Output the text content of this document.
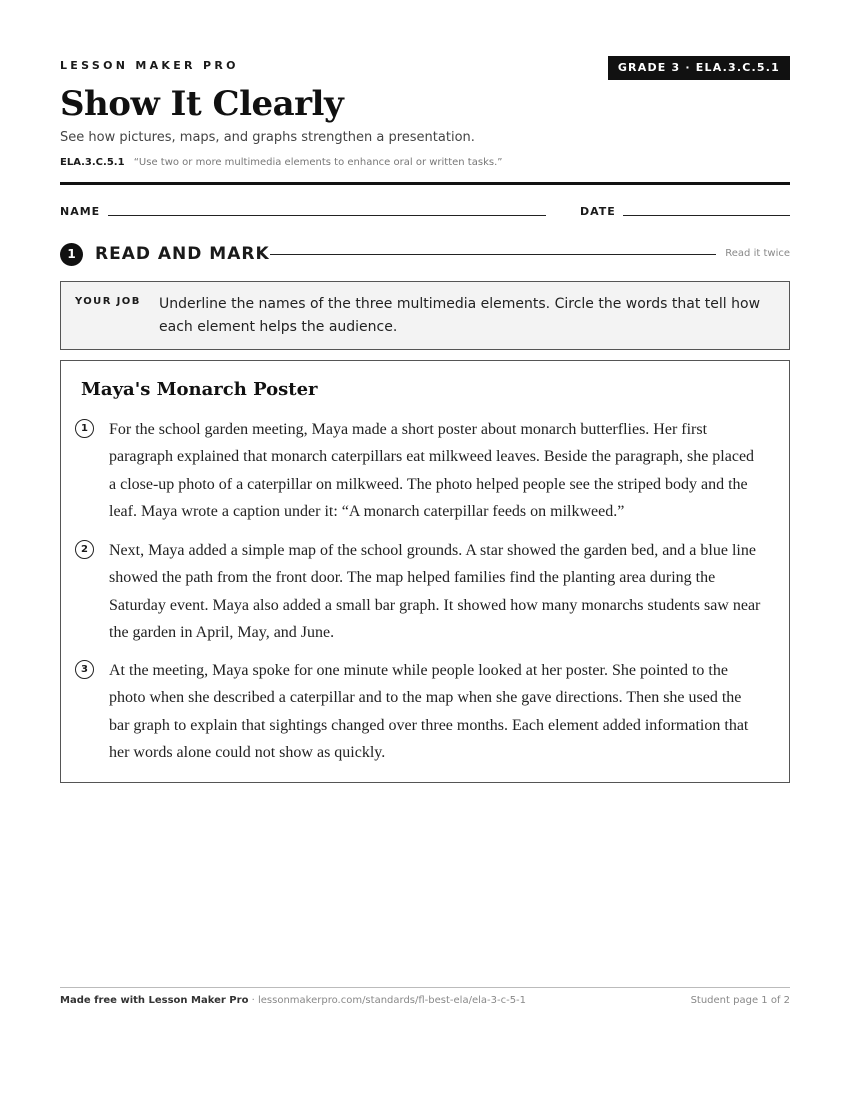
LESSON MAKER PRO	GRADE 3 · ELA.3.C.5.1
Show It Clearly
See how pictures, maps, and graphs strengthen a presentation.
ELA.3.C.5.1 “Use two or more multimedia elements to enhance oral or written tasks.”
NAME	DATE
1	READ AND MARK	Read it twice
YOUR JOB Underline the names of the three multimedia elements. Circle the words that tell how each element helps the audience.
Maya's Monarch Poster
1	For the school garden meeting, Maya made a short poster about monarch butterflies. Her first paragraph explained that monarch caterpillars eat milkweed leaves. Beside the paragraph, she placed a close-up photo of a caterpillar on milkweed. The photo helped people see the striped body and the leaf. Maya wrote a caption under it: “A monarch caterpillar feeds on milkweed.”
2	Next, Maya added a simple map of the school grounds. A star showed the garden bed, and a blue line showed the path from the front door. The map helped families find the planting area during the Saturday event. Maya also added a small bar graph. It showed how many monarchs students saw near the garden in April, May, and June.
3	At the meeting, Maya spoke for one minute while people looked at her poster. She pointed to the photo when she described a caterpillar and to the map when she gave directions. Then she used the bar graph to explain that sightings changed over three months. Each element added information that her words alone could not show as quickly.
Made free with Lesson Maker Pro · lessonmakerpro.com/standards/fl-best-ela/ela-3-c-5-1	Student page 1 of 2
